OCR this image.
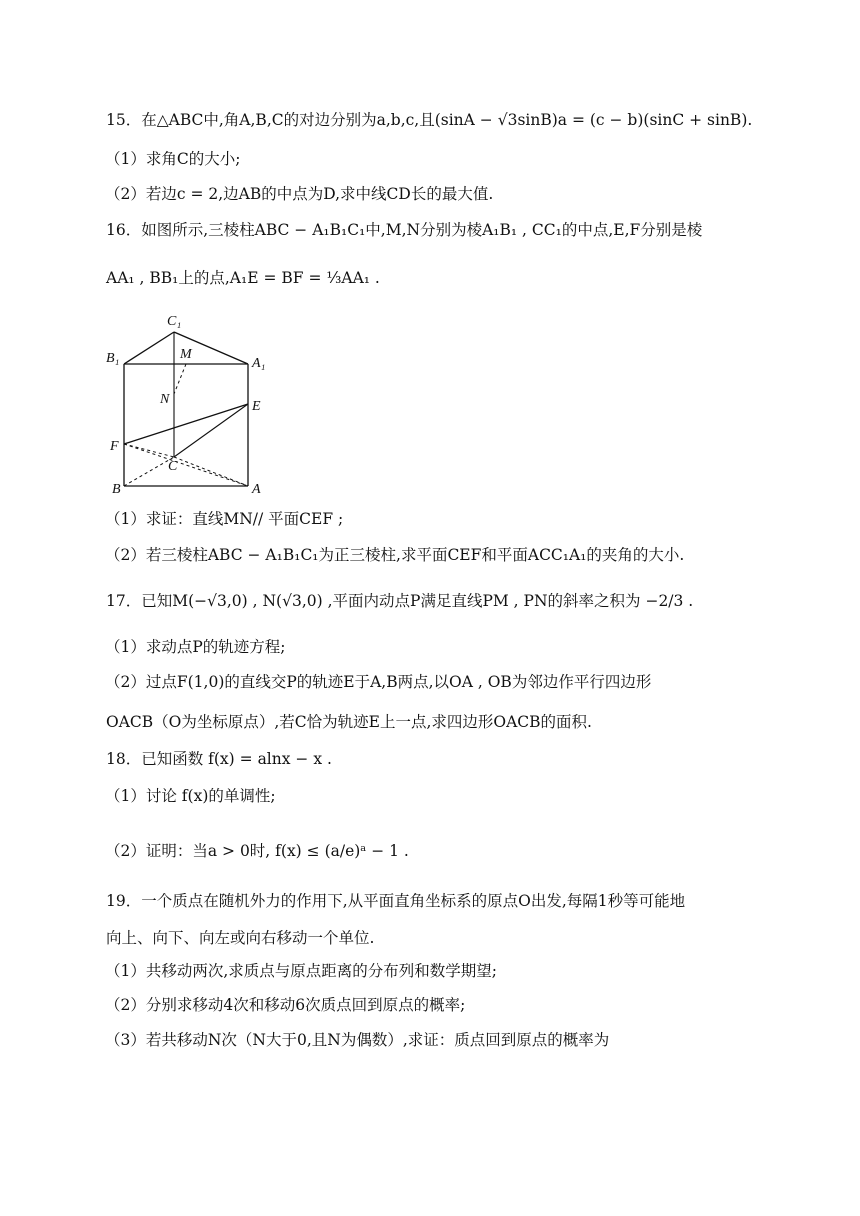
15．在△ABC中,角A,B,C的对边分别为a,b,c,且(sinA − √3sinB)a = (c − b)(sinC + sinB).
（1）求角C的大小;
（2）若边c = 2,边AB的中点为D,求中线CD长的最大值.
16．如图所示,三棱柱ABC − A₁B₁C₁中,M,N分别为棱A₁B₁ , CC₁的中点,E,F分别是棱
AA₁ , BB₁上的点,A₁E = BF = ⅓AA₁ .
C₁
B₁	A₁
M
N	E
F
C
B	A
（1）求证：直线MN// 平面CEF ;
（2）若三棱柱ABC − A₁B₁C₁为正三棱柱,求平面CEF和平面ACC₁A₁的夹角的大小.
17．已知M(−√3,0) , N(√3,0) ,平面内动点P满足直线PM , PN的斜率之积为 −2/3 .
（1）求动点P的轨迹方程;
（2）过点F(1,0)的直线交P的轨迹E于A,B两点,以OA , OB为邻边作平行四边形
OACB（O为坐标原点）,若C恰为轨迹E上一点,求四边形OACB的面积.
18．已知函数 f(x) = alnx − x .
（1）讨论 f(x)的单调性;
（2）证明：当a > 0时, f(x) ≤ (a/e)ᵃ − 1 .
19．一个质点在随机外力的作用下,从平面直角坐标系的原点O出发,每隔1秒等可能地
向上、向下、向左或向右移动一个单位.
（1）共移动两次,求质点与原点距离的分布列和数学期望;
（2）分别求移动4次和移动6次质点回到原点的概率;
（3）若共移动N次（N大于0,且N为偶数）,求证：质点回到原点的概率为
